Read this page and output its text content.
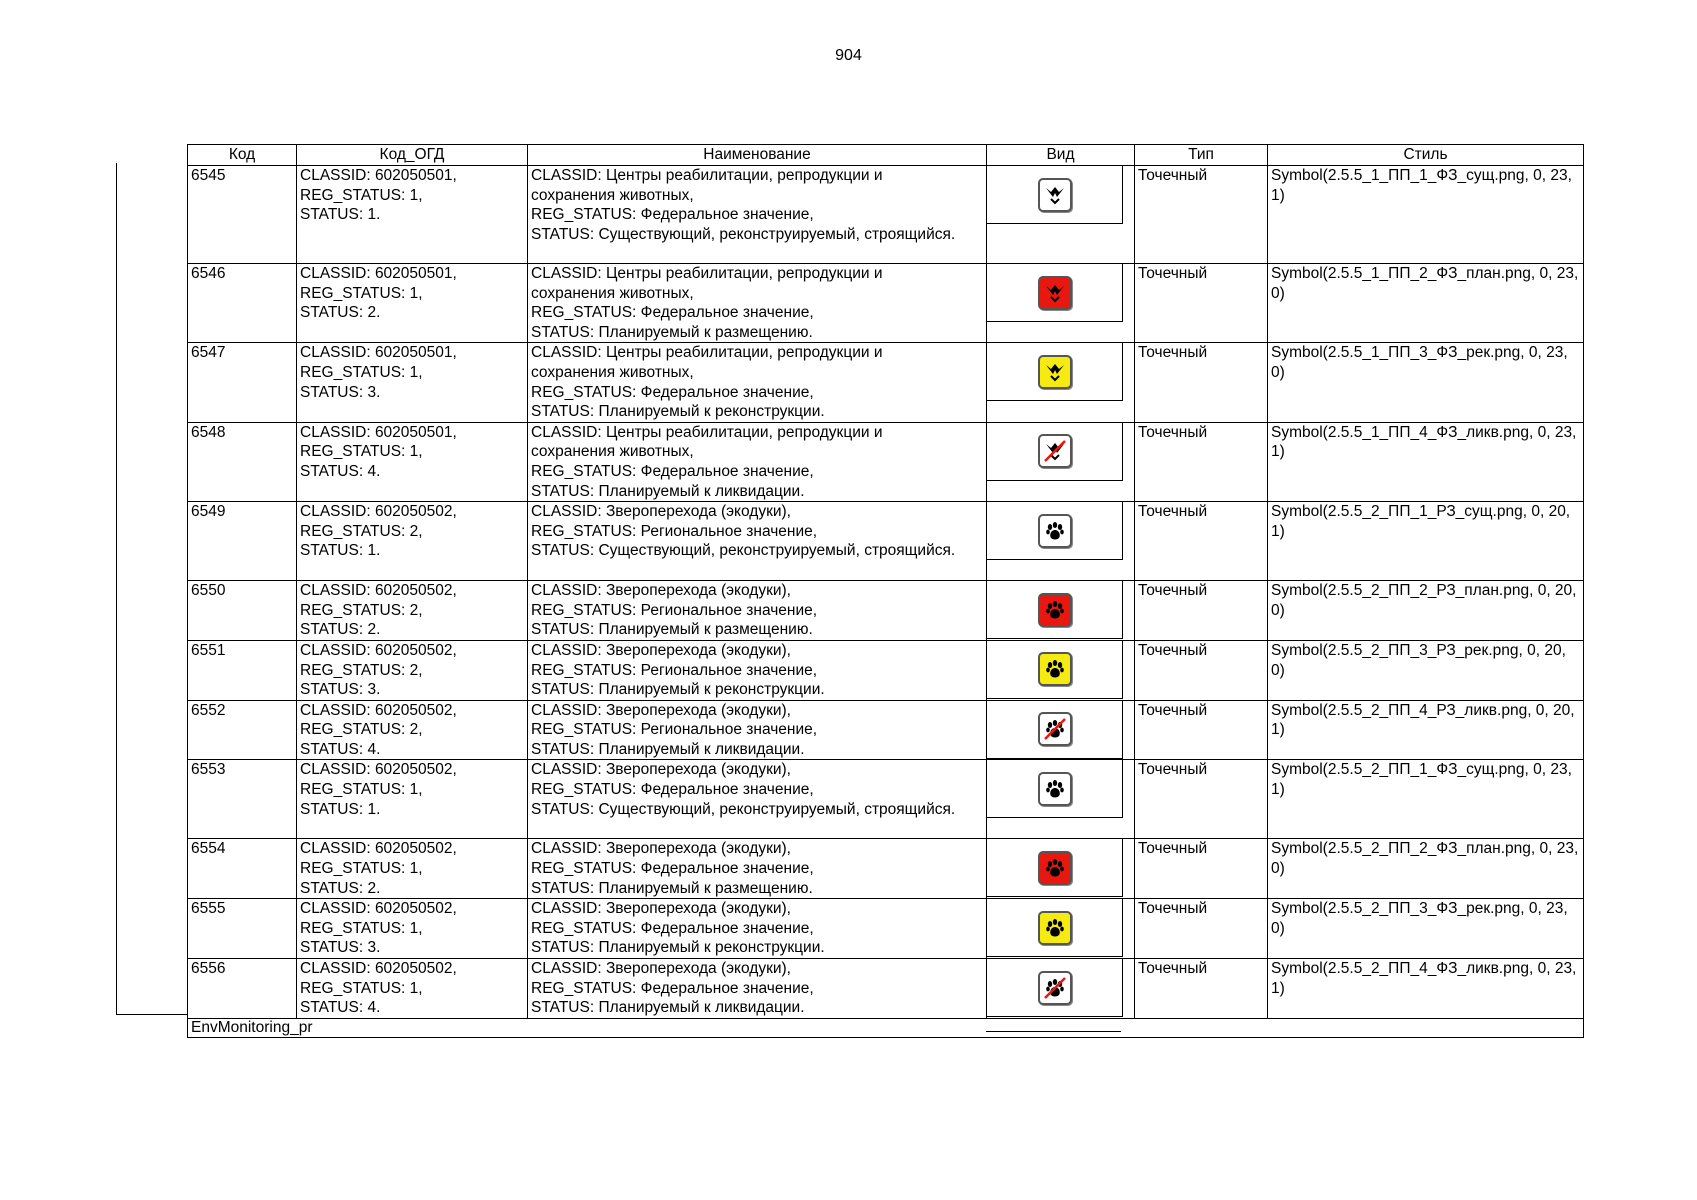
904
Код	Код_ОГД	Наименование	Вид	Тип	Стиль
6545	CLASSID: 602050501,
REG_STATUS: 1,
STATUS: 1.	CLASSID: Центры реабилитации, репродукции и
сохранения животных,
REG_STATUS: Федеральное значение,
STATUS: Существующий, реконструируемый, строящийся.		Точечный	Symbol(2.5.5_1_ПП_1_ФЗ_сущ.png, 0, 23, 1)
6546	CLASSID: 602050501,
REG_STATUS: 1,
STATUS: 2.	CLASSID: Центры реабилитации, репродукции и
сохранения животных,
REG_STATUS: Федеральное значение,
STATUS: Планируемый к размещению.		Точечный	Symbol(2.5.5_1_ПП_2_ФЗ_план.png, 0, 23, 0)
6547	CLASSID: 602050501,
REG_STATUS: 1,
STATUS: 3.	CLASSID: Центры реабилитации, репродукции и
сохранения животных,
REG_STATUS: Федеральное значение,
STATUS: Планируемый к реконструкции.		Точечный	Symbol(2.5.5_1_ПП_3_ФЗ_рек.png, 0, 23, 0)
6548	CLASSID: 602050501,
REG_STATUS: 1,
STATUS: 4.	CLASSID: Центры реабилитации, репродукции и
сохранения животных,
REG_STATUS: Федеральное значение,
STATUS: Планируемый к ликвидации.		Точечный	Symbol(2.5.5_1_ПП_4_ФЗ_ликв.png, 0, 23, 1)
6549	CLASSID: 602050502,
REG_STATUS: 2,
STATUS: 1.	CLASSID: Звероперехода (экодуки),
REG_STATUS: Региональное значение,
STATUS: Существующий, реконструируемый, строящийся.		Точечный	Symbol(2.5.5_2_ПП_1_РЗ_сущ.png, 0, 20, 1)
6550	CLASSID: 602050502,
REG_STATUS: 2,
STATUS: 2.	CLASSID: Звероперехода (экодуки),
REG_STATUS: Региональное значение,
STATUS: Планируемый к размещению.		Точечный	Symbol(2.5.5_2_ПП_2_РЗ_план.png, 0, 20, 0)
6551	CLASSID: 602050502,
REG_STATUS: 2,
STATUS: 3.	CLASSID: Звероперехода (экодуки),
REG_STATUS: Региональное значение,
STATUS: Планируемый к реконструкции.		Точечный	Symbol(2.5.5_2_ПП_3_РЗ_рек.png, 0, 20, 0)
6552	CLASSID: 602050502,
REG_STATUS: 2,
STATUS: 4.	CLASSID: Звероперехода (экодуки),
REG_STATUS: Региональное значение,
STATUS: Планируемый к ликвидации.		Точечный	Symbol(2.5.5_2_ПП_4_РЗ_ликв.png, 0, 20, 1)
6553	CLASSID: 602050502,
REG_STATUS: 1,
STATUS: 1.	CLASSID: Звероперехода (экодуки),
REG_STATUS: Федеральное значение,
STATUS: Существующий, реконструируемый, строящийся.		Точечный	Symbol(2.5.5_2_ПП_1_ФЗ_сущ.png, 0, 23, 1)
6554	CLASSID: 602050502,
REG_STATUS: 1,
STATUS: 2.	CLASSID: Звероперехода (экодуки),
REG_STATUS: Федеральное значение,
STATUS: Планируемый к размещению.		Точечный	Symbol(2.5.5_2_ПП_2_ФЗ_план.png, 0, 23, 0)
6555	CLASSID: 602050502,
REG_STATUS: 1,
STATUS: 3.	CLASSID: Звероперехода (экодуки),
REG_STATUS: Федеральное значение,
STATUS: Планируемый к реконструкции.		Точечный	Symbol(2.5.5_2_ПП_3_ФЗ_рек.png, 0, 23, 0)
6556	CLASSID: 602050502,
REG_STATUS: 1,
STATUS: 4.	CLASSID: Звероперехода (экодуки),
REG_STATUS: Федеральное значение,
STATUS: Планируемый к ликвидации.		Точечный	Symbol(2.5.5_2_ПП_4_ФЗ_ликв.png, 0, 23, 1)
EnvMonitoring_pr					
